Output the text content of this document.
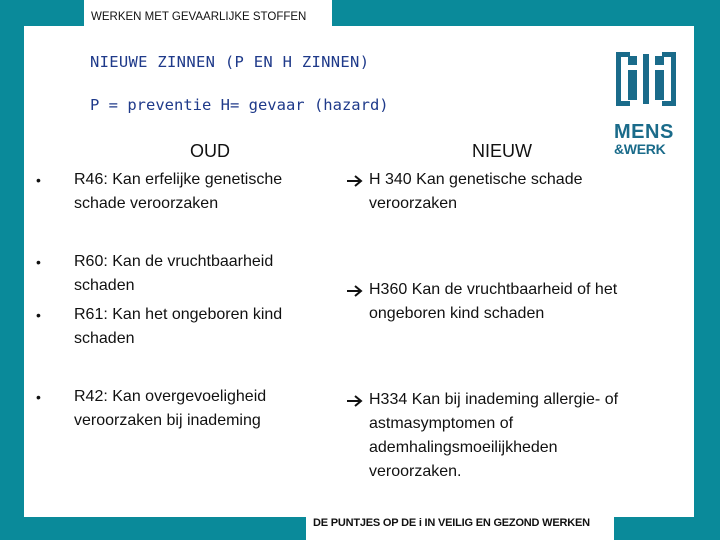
WERKEN MET GEVAARLIJKE STOFFEN
NIEUWE ZINNEN (P EN H ZINNEN)
P = preventie H= gevaar (hazard)
MENS
&WERK
OUD	NIEUW
• R46: Kan erfelijke genetische
schade veroorzaken
• R60: Kan de vruchtbaarheid
schaden
• R61: Kan het ongeboren kind
schaden
• R42: Kan overgevoeligheid
veroorzaken bij inademing
H 340 Kan genetische schade
veroorzaken
H360 Kan de vruchtbaarheid of het
ongeboren kind schaden
H334 Kan bij inademing allergie- of
astmasymptomen of
ademhalingsmoeilijkheden
veroorzaken.
DE PUNTJES OP DE i IN VEILIG EN GEZOND WERKEN
